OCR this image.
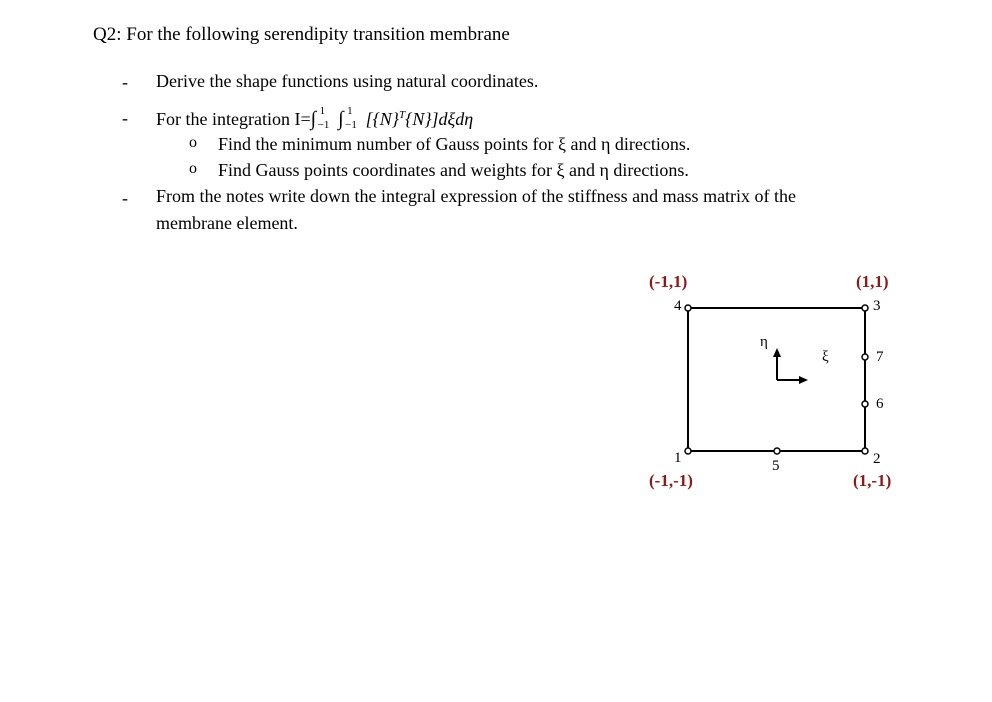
Q2: For the following serendipity transition membrane
- Derive the shape functions using natural coordinates.
- For the integration I=∫ 1
−1 ∫ 1
−1 $[\{N\}^T\{N\}]d\xi d\eta$
o Find the minimum number of Gauss points for ξ and η directions.
o Find Gauss points coordinates and weights for ξ and η directions.
- From the notes write down the integral expression of the stiffness and mass matrix of the
membrane element.
(-1,1)	(1,1)
(-1,-1)	(1,-1)
1	2
3
4
5
6
7
η
ξ
